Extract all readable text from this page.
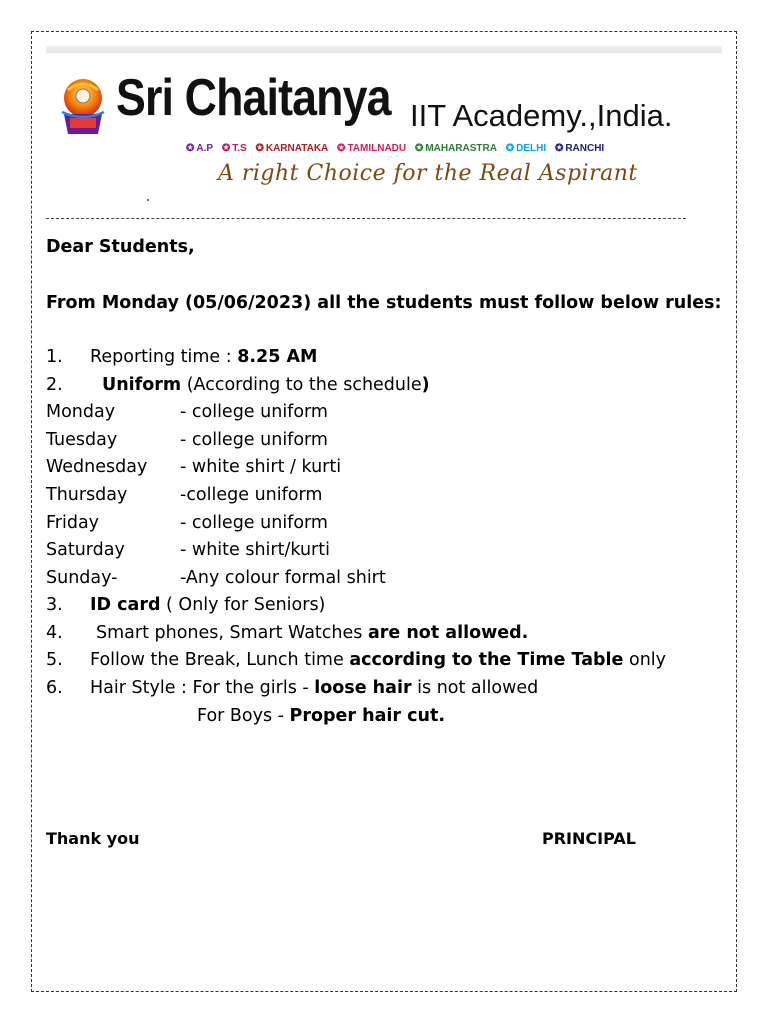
Sri Chaitanya IIT Academy.,India.
✪ A.P ✪ T.S ✪ KARNATAKA ✪ TAMILNADU ✪ MAHARASTRA ✪ DELHI ✪ RANCHI
A right Choice for the Real Aspirant
Dear Students,
From Monday (05/06/2023) all the students must follow below rules:
1. Reporting time : 8.25 AM
2. Uniform (According to the schedule)
Monday	- college uniform
Tuesday	- college uniform
Wednesday - white shirt / kurti
Thursday	-college uniform
Friday	- college uniform
Saturday	- white shirt/kurti
Sunday-	-Any colour formal shirt
3. ID card ( Only for Seniors)
4. Smart phones, Smart Watches are not allowed.
5. Follow the Break, Lunch time according to the Time Table only
6. Hair Style : For the girls - loose hair is not allowed
For Boys - Proper hair cut.
Thank you	PRINCIPAL
